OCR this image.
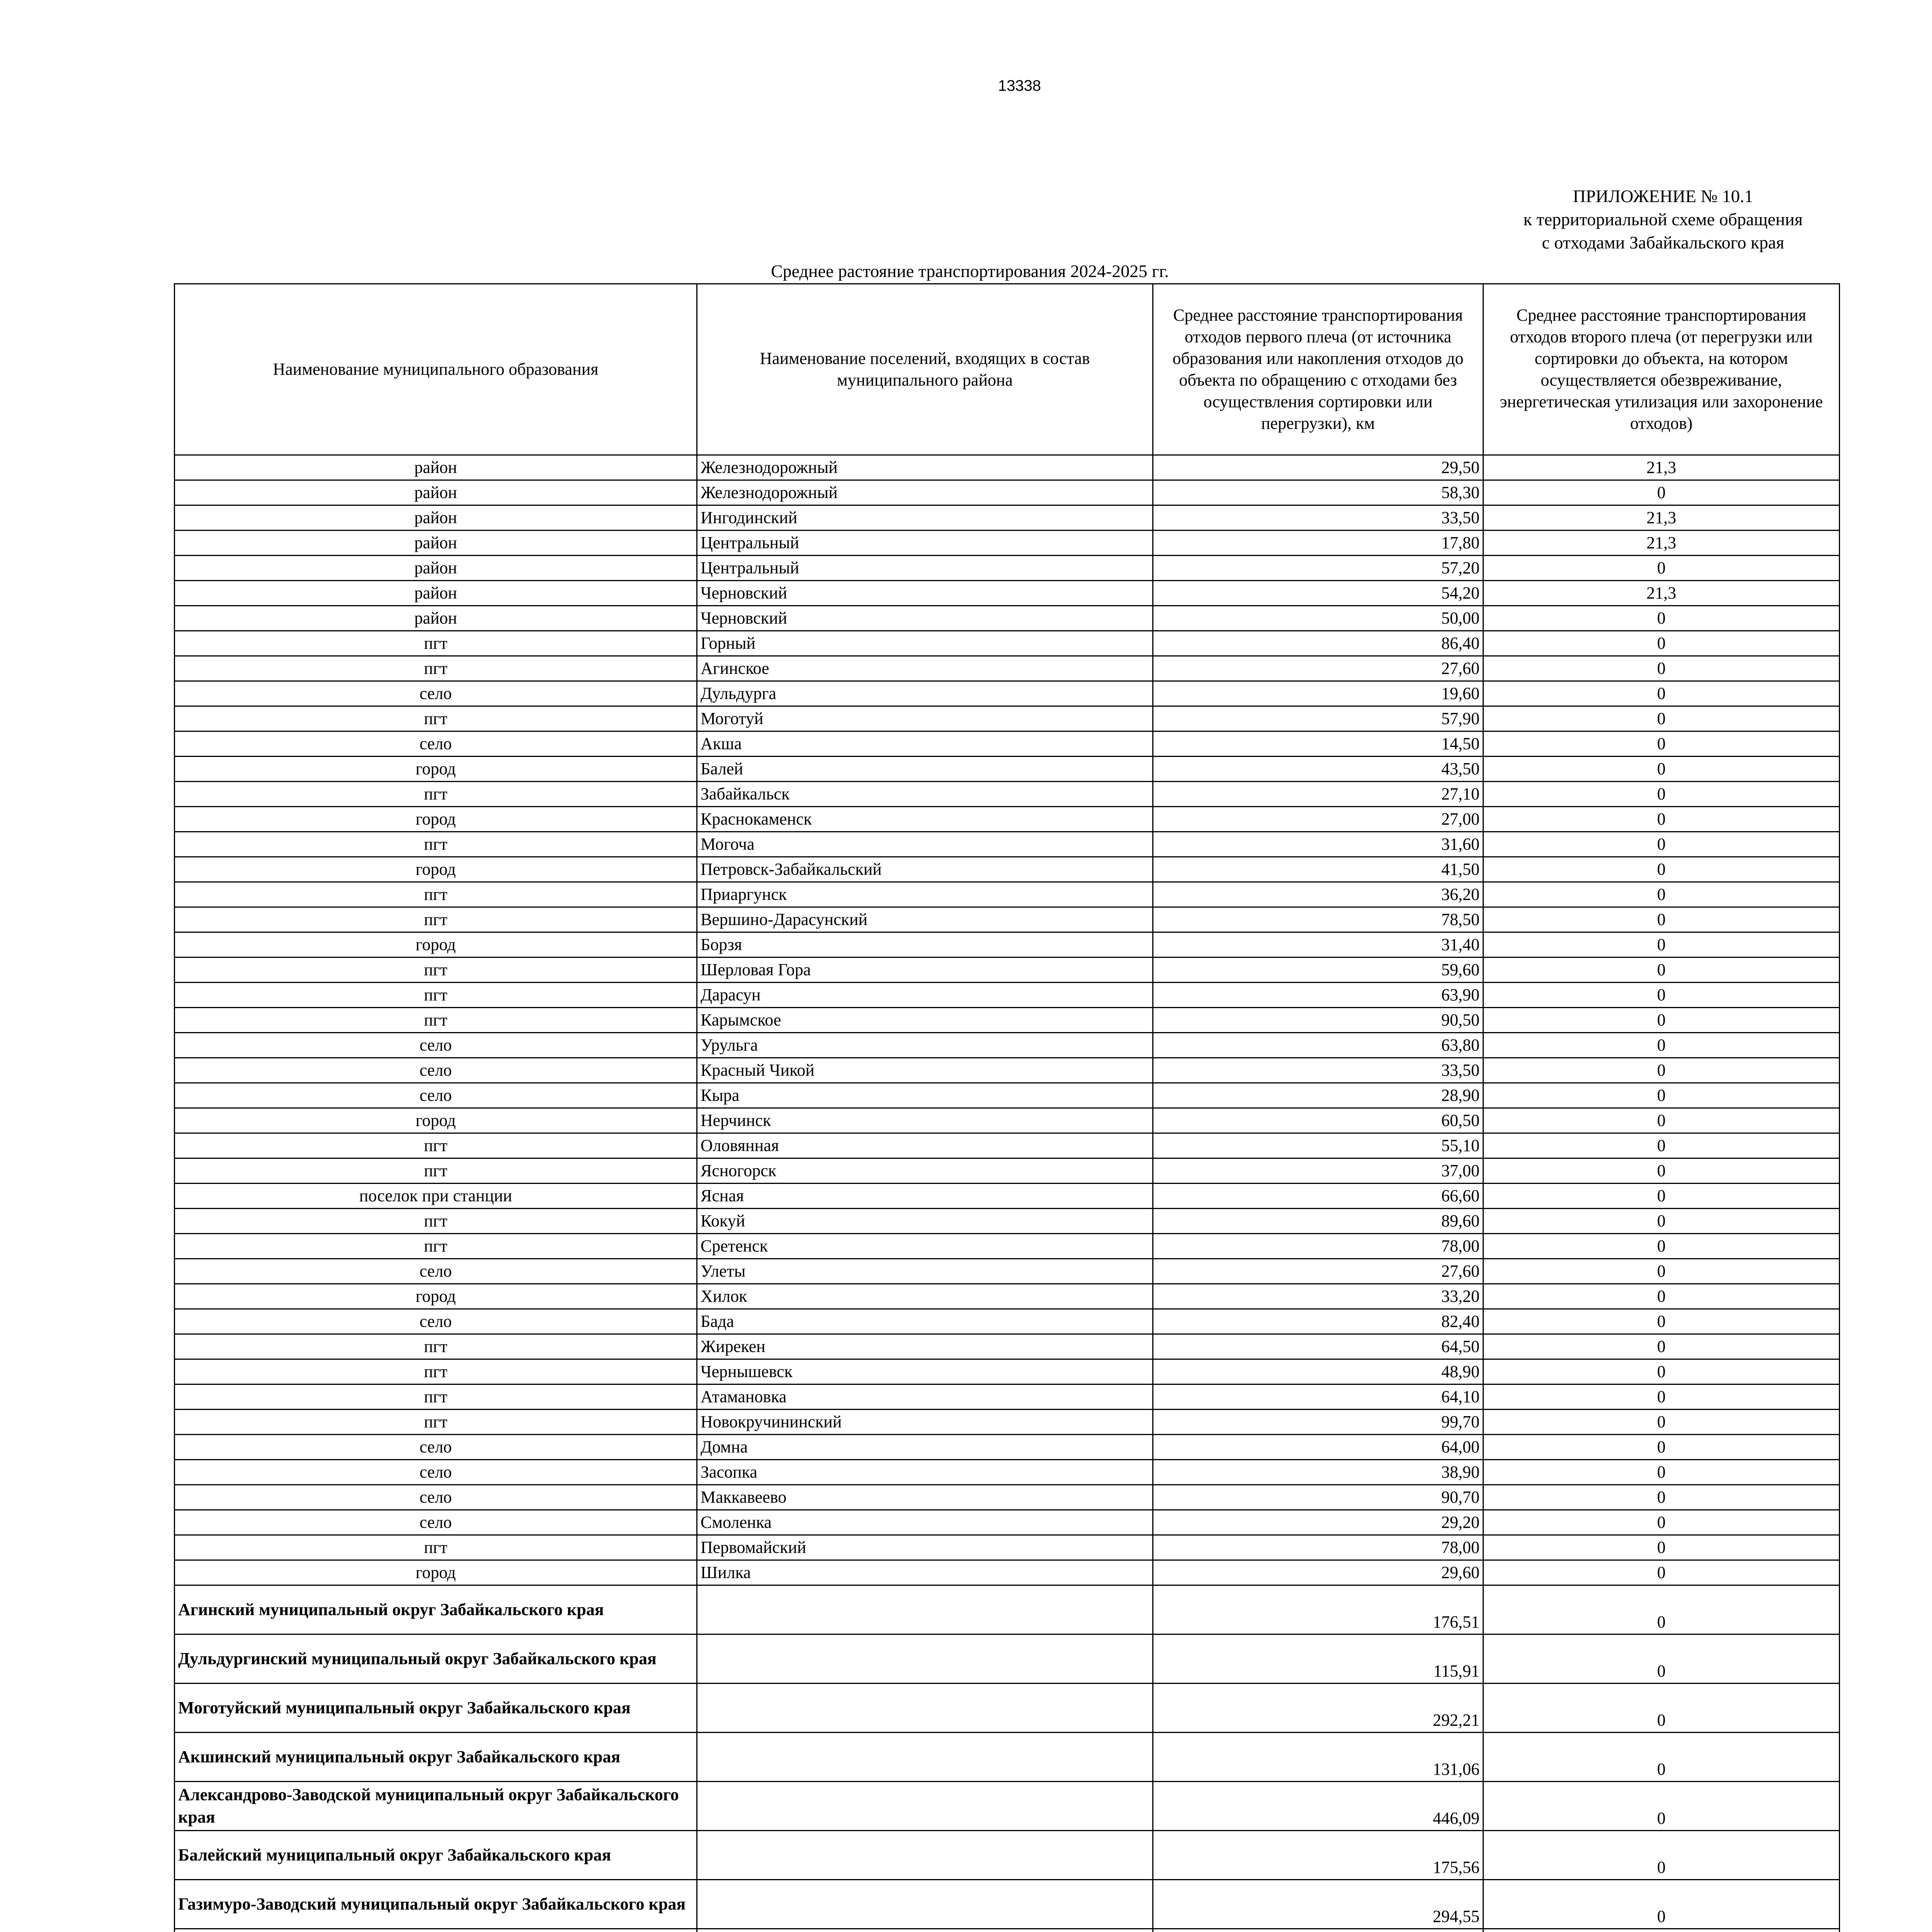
13338
ПРИЛОЖЕНИЕ № 10.1
к территориальной схеме обращения
с отходами Забайкальского края
Среднее растояние транспортирования 2024-2025 гг.
Наименование муниципального образования	Наименование поселений, входящих в состав муниципального района	Среднее расстояние транспортирования отходов первого плеча (от источника образования или накопления отходов до объекта по обращению с отходами без осуществления сортировки или перегрузки), км	Среднее расстояние транспортирования отходов второго плеча (от перегрузки или сортировки до объекта, на котором осуществляется обезвреживание, энергетическая утилизация или захоронение отходов)
район	Железнодорожный	29,50	21,3
район	Железнодорожный	58,30	0
район	Ингодинский	33,50	21,3
район	Центральный	17,80	21,3
район	Центральный	57,20	0
район	Черновский	54,20	21,3
район	Черновский	50,00	0
пгт	Горный	86,40	0
пгт	Агинское	27,60	0
село	Дульдурга	19,60	0
пгт	Моготуй	57,90	0
село	Акша	14,50	0
город	Балей	43,50	0
пгт	Забайкальск	27,10	0
город	Краснокаменск	27,00	0
пгт	Могоча	31,60	0
город	Петровск-Забайкальский	41,50	0
пгт	Приаргунск	36,20	0
пгт	Вершино-Дарасунский	78,50	0
город	Борзя	31,40	0
пгт	Шерловая Гора	59,60	0
пгт	Дарасун	63,90	0
пгт	Карымское	90,50	0
село	Урульга	63,80	0
село	Красный Чикой	33,50	0
село	Кыра	28,90	0
город	Нерчинск	60,50	0
пгт	Оловянная	55,10	0
пгт	Ясногорск	37,00	0
поселок при станции	Ясная	66,60	0
пгт	Кокуй	89,60	0
пгт	Сретенск	78,00	0
село	Улеты	27,60	0
город	Хилок	33,20	0
село	Бада	82,40	0
пгт	Жирекен	64,50	0
пгт	Чернышевск	48,90	0
пгт	Атамановка	64,10	0
пгт	Новокручининский	99,70	0
село	Домна	64,00	0
село	Засопка	38,90	0
село	Маккавеево	90,70	0
село	Смоленка	29,20	0
пгт	Первомайский	78,00	0
город	Шилка	29,60	0
Агинский муниципальный округ Забайкальского края		176,51	0
Дульдургинский муниципальный округ Забайкальского края		115,91	0
Моготуйский муниципальный округ Забайкальского края		292,21	0
Акшинский муниципальный округ Забайкальского края		131,06	0
Александрово-Заводской муниципальный округ Забайкальского края		446,09	0
Балейский муниципальный округ Забайкальского края		175,56	0
Газимуро-Заводский муниципальный округ Забайкальского края		294,55	0
